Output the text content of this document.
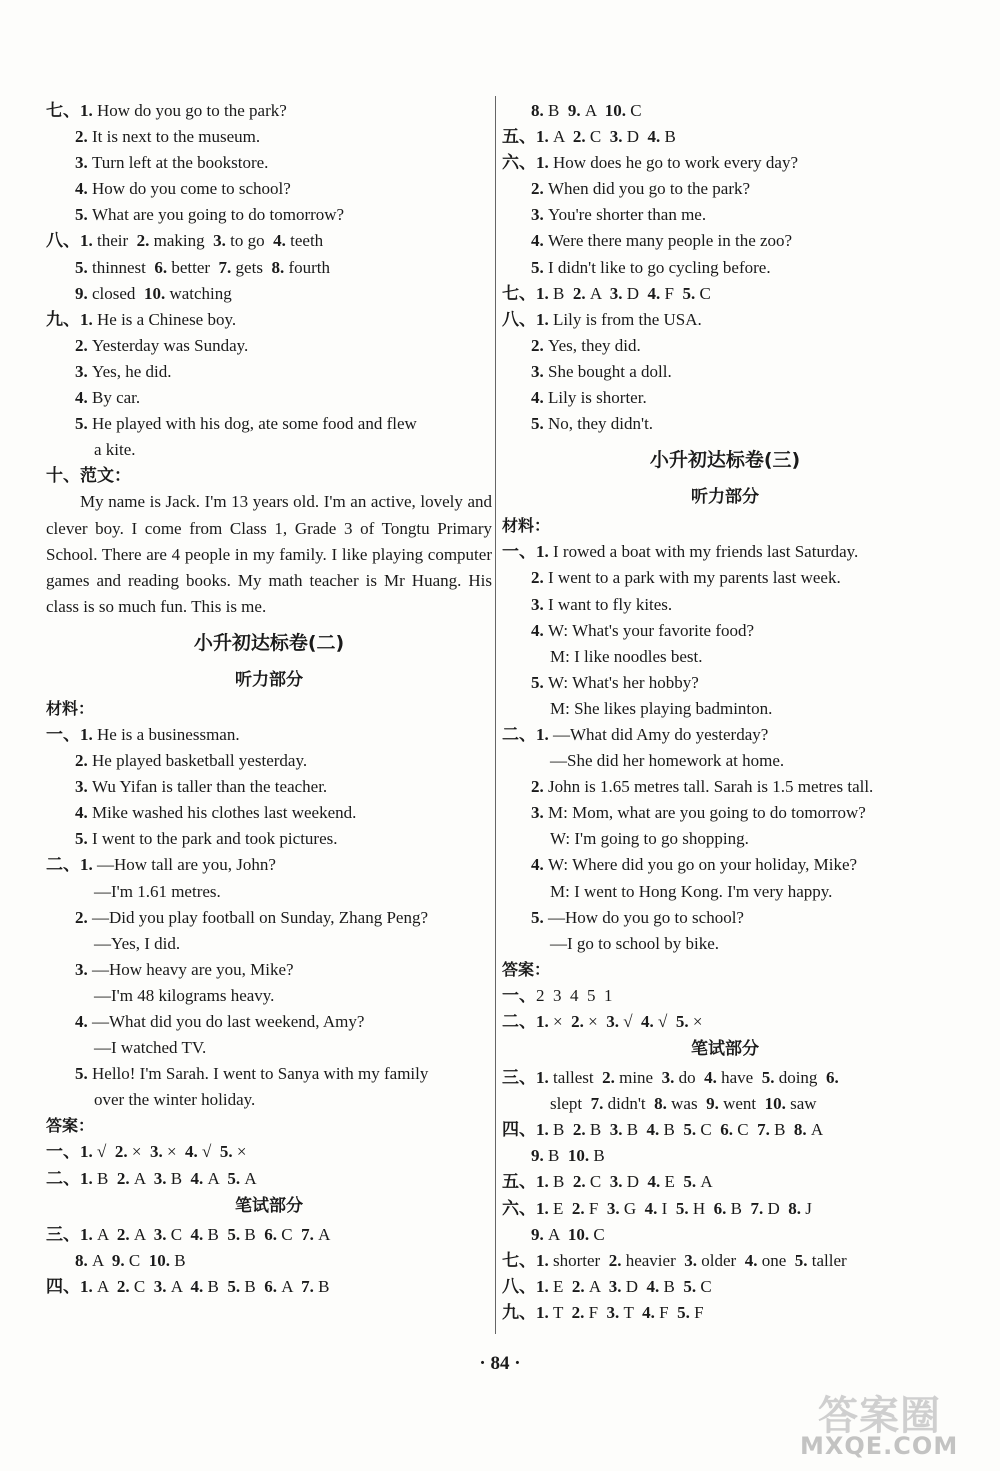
七、1. How do you go to the park?
2. It is next to the museum.
3. Turn left at the bookstore.
4. How do you come to school?
5. What are you going to do tomorrow?
八、1. their  2. making  3. to go  4. teeth
5. thinnest  6. better  7. gets  8. fourth
9. closed  10. watching
九、1. He is a Chinese boy.
2. Yesterday was Sunday.
3. Yes, he did.
4. By car.
5. He played with his dog, ate some food and flew
a kite.
十、范文：
My name is Jack. I'm 13 years old. I'm an active, lovely and clever boy. I come from Class 1, Grade 3 of Tongtu Primary School. There are 4 people in my family. I like playing computer games and reading books. My math teacher is Mr Huang. His class is so much fun. This is me.
小升初达标卷(二)
听力部分
材料：
一、1. He is a businessman.
2. He played basketball yesterday.
3. Wu Yifan is taller than the teacher.
4. Mike washed his clothes last weekend.
5. I went to the park and took pictures.
二、1. —How tall are you, John?
—I'm 1.61 metres.
2. —Did you play football on Sunday, Zhang Peng?
—Yes, I did.
3. —How heavy are you, Mike?
—I'm 48 kilograms heavy.
4. —What did you do last weekend, Amy?
—I watched TV.
5. Hello! I'm Sarah. I went to Sanya with my family
over the winter holiday.
答案：
一、1. √  2. ×  3. ×  4. √  5. ×
二、1. B  2. A  3. B  4. A  5. A
笔试部分
三、1. A  2. A  3. C  4. B  5. B  6. C  7. A
8. A  9. C  10. B
四、1. A  2. C  3. A  4. B  5. B  6. A  7. B
8. B  9. A  10. C
五、1. A  2. C  3. D  4. B
六、1. How does he go to work every day?
2. When did you go to the park?
3. You're shorter than me.
4. Were there many people in the zoo?
5. I didn't like to go cycling before.
七、1. B  2. A  3. D  4. F  5. C
八、1. Lily is from the USA.
2. Yes, they did.
3. She bought a doll.
4. Lily is shorter.
5. No, they didn't.
小升初达标卷(三)
听力部分
材料：
一、1. I rowed a boat with my friends last Saturday.
2. I went to a park with my parents last week.
3. I want to fly kites.
4. W: What's your favorite food?
M: I like noodles best.
5. W: What's her hobby?
M: She likes playing badminton.
二、1. —What did Amy do yesterday?
—She did her homework at home.
2. John is 1.65 metres tall. Sarah is 1.5 metres tall.
3. M: Mom, what are you going to do tomorrow?
W: I'm going to go shopping.
4. W: Where did you go on your holiday, Mike?
M: I went to Hong Kong. I'm very happy.
5. —How do you go to school?
—I go to school by bike.
答案：
一、2  3  4  5  1
二、1. ×  2. ×  3. √  4. √  5. ×
笔试部分
三、1. tallest  2. mine  3. do  4. have  5. doing  6.
slept  7. didn't  8. was  9. went  10. saw
四、1. B  2. B  3. B  4. B  5. C  6. C  7. B  8. A
9. B  10. B
五、1. B  2. C  3. D  4. E  5. A
六、1. E  2. F  3. G  4. I  5. H  6. B  7. D  8. J
9. A  10. C
七、1. shorter  2. heavier  3. older  4. one  5. taller
八、1. E  2. A  3. D  4. B  5. C
九、1. T  2. F  3. T  4. F  5. F
· 84 ·
答案圈
MXQE.COM
